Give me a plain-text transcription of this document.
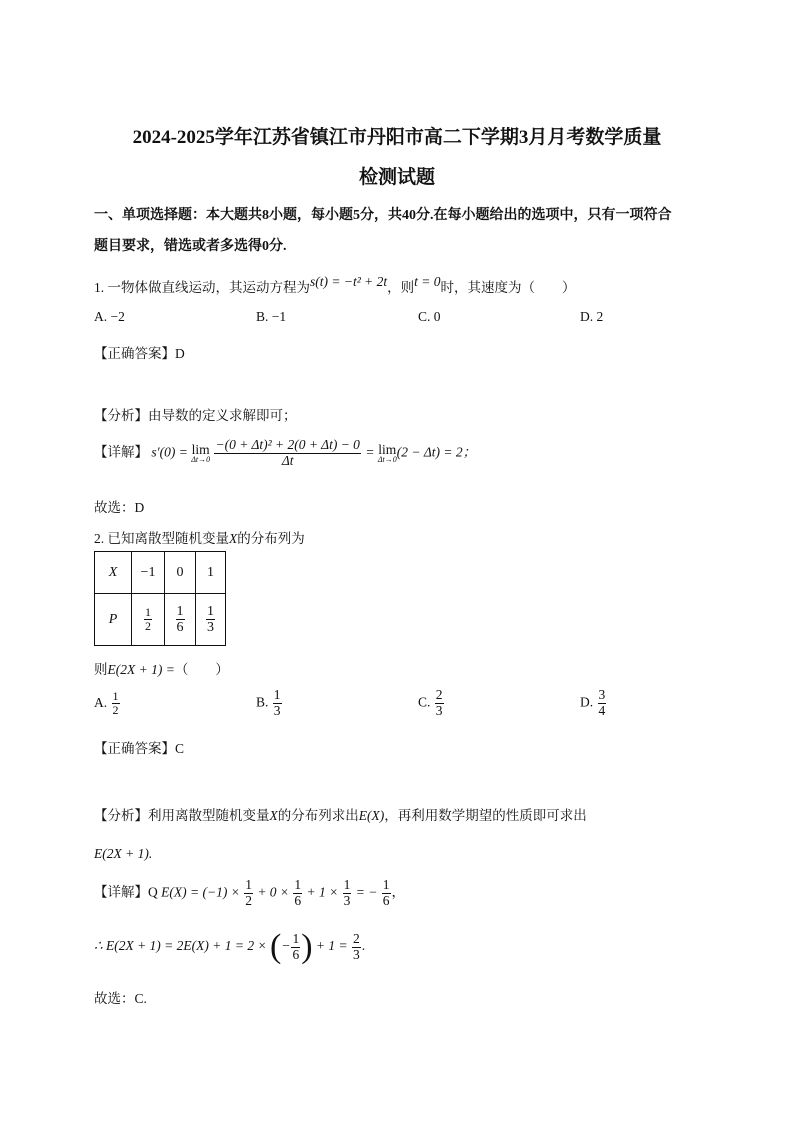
2024-2025学年江苏省镇江市丹阳市高二下学期3月月考数学质量
检测试题
一、单项选择题：本大题共8小题，每小题5分，共40分.在每小题给出的选项中，只有一项符合
题目要求，错选或者多选得0分.
1. 一物体做直线运动，其运动方程为s(t) = −t² + 2t，则t = 0时，其速度为（　　）
A. −2	B. −1	C. 0	D. 2
【正确答案】D
【分析】由导数的定义求解即可；
【详解】 s′(0) = lim
Δt→0
$\frac{\text{−(0 + Δt)² + 2(0 + Δt) − 0}}{\Delta t} = \lim$
Δt→0
(2 − Δt) = 2；
故选：D
2. 已知离散型随机变量X的分布列为
X	−1	0	1
P	$\frac{1}{2}$	$\frac{1}{6}$	$\frac{1}{3}$
则E(2X + 1) =（　　）
A. $\frac{1}{2}$	B. $\frac{1}{3}$	C. $\frac{2}{3}$	D. $\frac{3}{4}$
【正确答案】C
【分析】利用离散型随机变量X的分布列求出E(X)，再利用数学期望的性质即可求出
E(2X + 1).
【详解】Q $E(X) = (-1) \times \frac{1}{2} + 0 \times \frac{1}{6} + 1 \times \frac{1}{3}$ = − $\frac{1}{6}$ ，
∴ E(2X + 1) = 2E(X) + 1 = 2 × (− $\frac{1}{6}$ ) + $1 = \frac{2}{3}$ .
故选：C.
